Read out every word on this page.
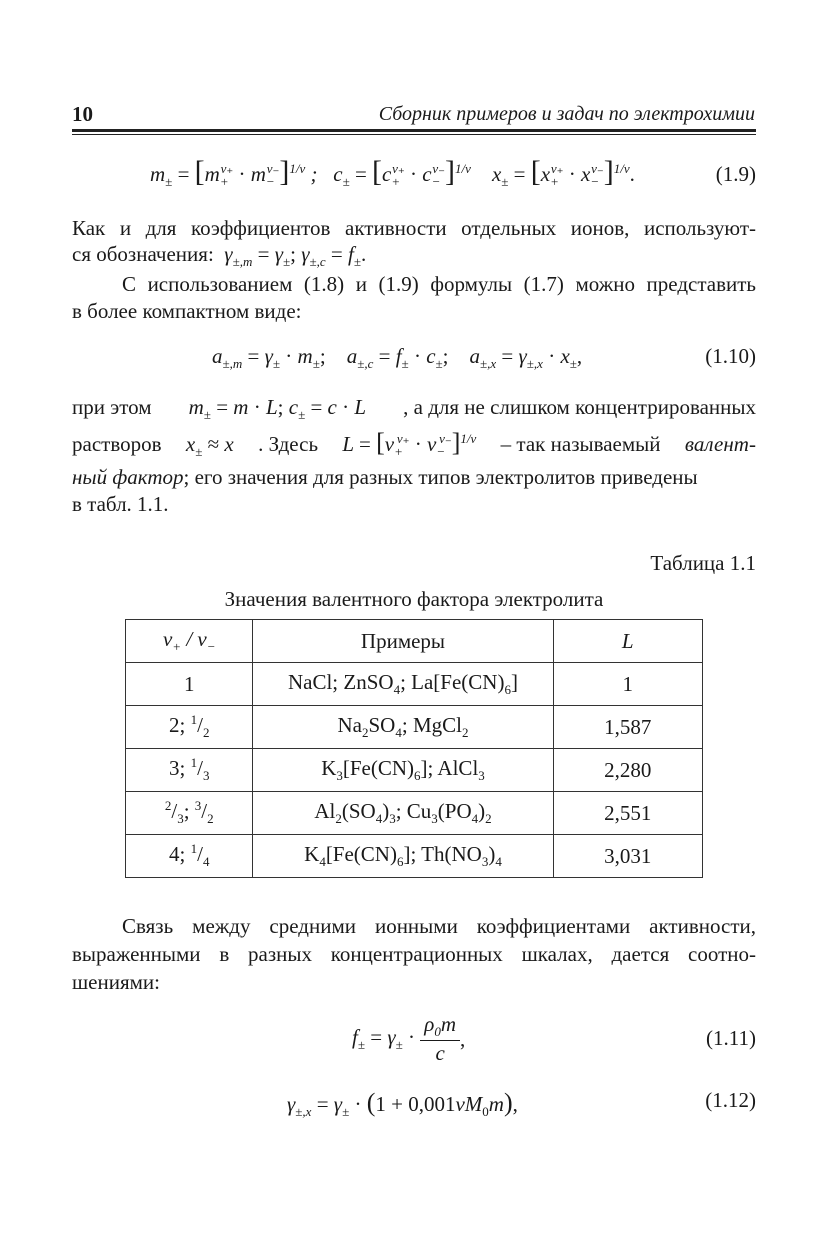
10	Сборник примеров и задач по электрохимии
$m_\pm = [m_+^{\nu_+} \cdot m_-^{\nu_-}]^{1/\nu}$ ;   $c_\pm = [c_+^{\nu_+} \cdot c_-^{\nu_-}]^{1/\nu}$    $x_\pm = [x_+^{\nu_+} \cdot x_-^{\nu_-}]^{1/\nu}$.	(1.9)
Как и для коэффициентов активности отдельных ионов, используют-
ся обозначения:  $\gamma_{\pm,m} = \gamma_\pm$; $\gamma_{\pm,c} = f_\pm$.
С использованием (1.8) и (1.9) формулы (1.7) можно представить
в более компактном виде:
$a_{\pm,m} = \gamma_\pm \cdot m_\pm$;    $a_{\pm,c} = f_\pm \cdot c_\pm$;    $a_{\pm,x} = \gamma_{\pm,x} \cdot x_\pm$,	(1.10)
при этом $m_\pm = m \cdot L$; $c_\pm = c \cdot L$ , а для не слишком концентрированных
растворов $x_\pm \approx x$ . Здесь $L = [\nu_+^{\nu_+} \cdot \nu_-^{\nu_-}]^{1/\nu}$ – так называемый валент-
ный фактор; его значения для разных типов электролитов приведены
в табл. 1.1.
Таблица 1.1
Значения валентного фактора электролита
$\nu_+ / \nu_-$	Примеры	L
1	NaCl; ZnSO$_4$; $La[Fe(CN)_6]$	1
2; $^1/_2$	$Na_2SO_4$; MgCl$_2$	1,587
3; $^1/_3$	$K_3[Fe(CN)_6]$; AlCl$_3$	2,280
$^2/_3$; $^3/_2$	$Al_2(SO_4)_3$; $Cu_3(PO_4)_2$	2,551
4; $^1/_4$	$K_4[Fe(CN)_6]$; $Th(NO_3)_4$	3,031
Связь между средними ионными коэффициентами активности,
выраженными в разных концентрационных шкалах, дается соотно-
шениями:
$f_\pm = \gamma_\pm$ ·
$\rho_0m$
c
,	(1.11)
$\gamma_{\pm,x} = \gamma_\pm \cdot (1 + 0,001\nu M_0m)$,	(1.12)
